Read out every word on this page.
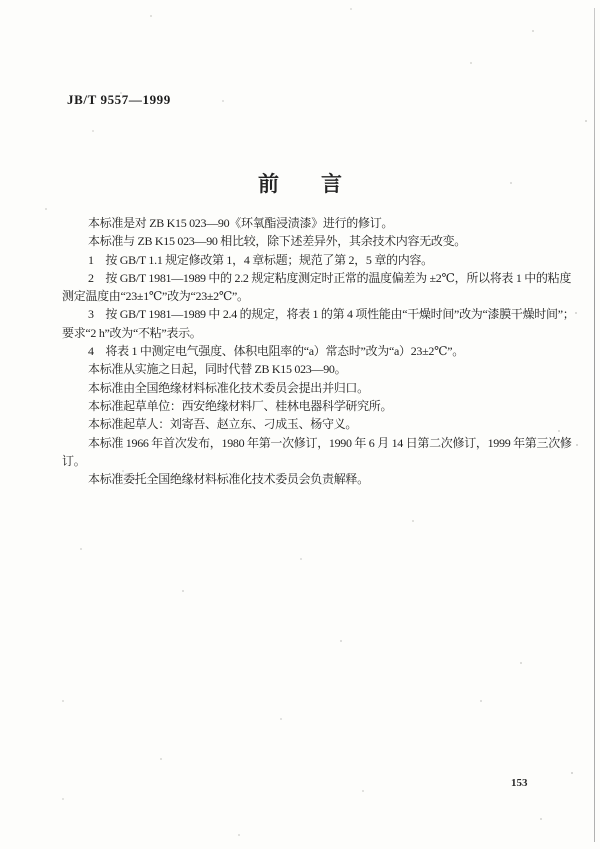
JB/T 9557—1999
前　　言
本标准是对 ZB K15 023—90《环氧酯浸渍漆》进行的修订。
本标准与 ZB K15 023—90 相比较，除下述差异外，其余技术内容无改变。
1　按 GB/T 1.1 规定修改第 1，4 章标题；规范了第 2，5 章的内容。
2　按 GB/T 1981—1989 中的 2.2 规定粘度测定时正常的温度偏差为 ±2℃，所以将表 1 中的粘度
测定温度由“23±1℃”改为“23±2℃”。
3　按 GB/T 1981—1989 中 2.4 的规定，将表 1 的第 4 项性能由“干燥时间”改为“漆膜干燥时间”；
要求“2 h”改为“不粘”表示。
4　将表 1 中测定电气强度、体积电阻率的“a）常态时”改为“a）23±2℃”。
本标准从实施之日起，同时代替 ZB K15 023—90。
本标准由全国绝缘材料标准化技术委员会提出并归口。
本标准起草单位：西安绝缘材料厂、桂林电器科学研究所。
本标准起草人：刘寄吾、赵立东、刁成玉、杨守义。
本标准 1966 年首次发布，1980 年第一次修订，1990 年 6 月 14 日第二次修订，1999 年第三次修
订。
本标准委托全国绝缘材料标准化技术委员会负责解释。
153
